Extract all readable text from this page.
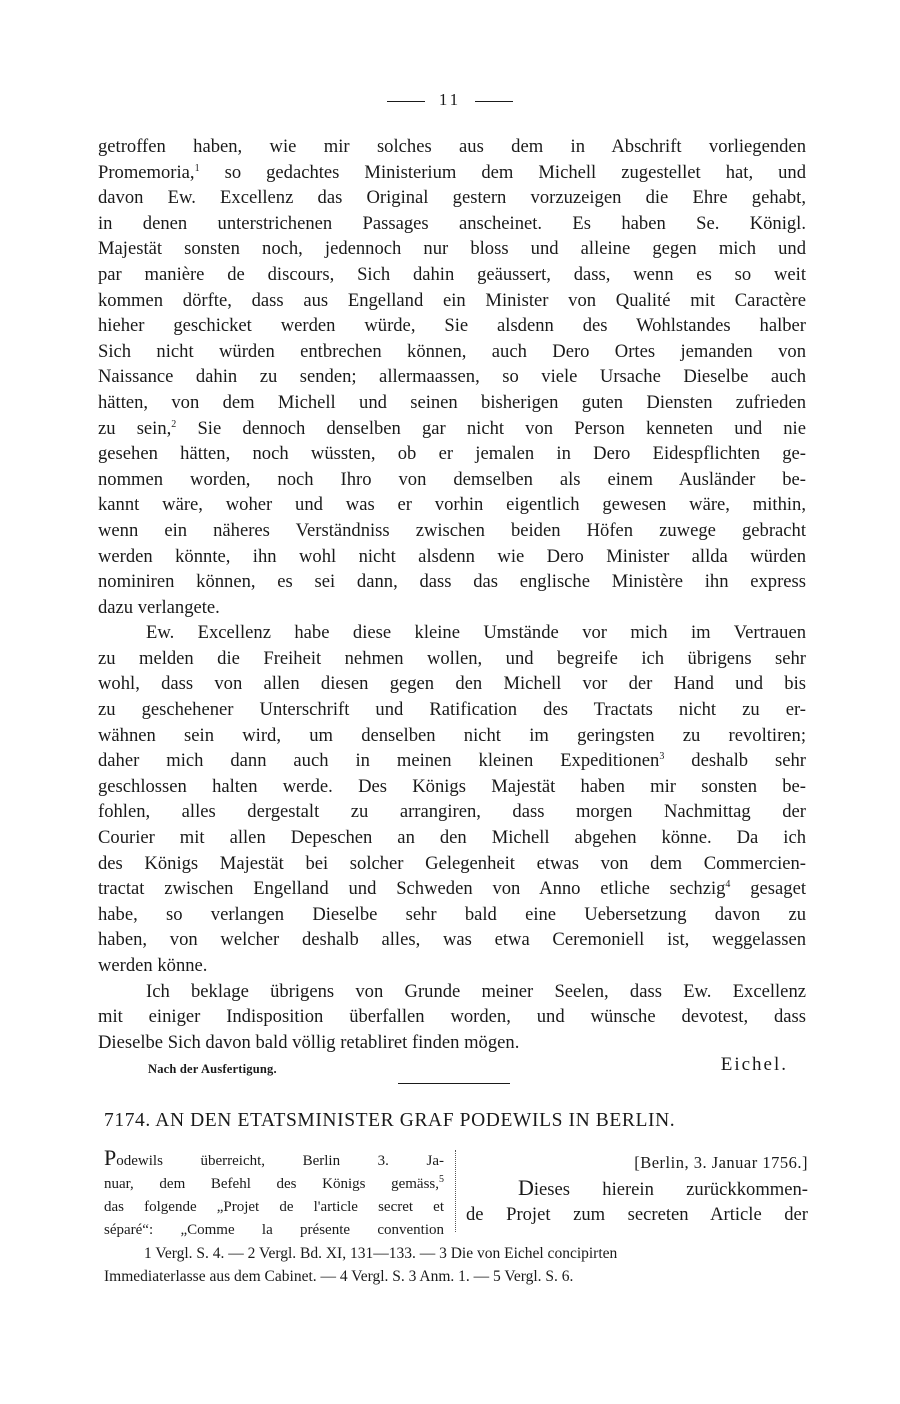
11

getroffen haben, wie mir solches aus dem in Abschrift vorliegenden
Promemoria,$^1$ so gedachtes Ministerium dem Michell zugestellet hat, und
davon Ew. Excellenz das Original gestern vorzuzeigen die Ehre gehabt,
in denen unterstrichenen Passages anscheinet. Es haben Se. Königl.
Majestät sonsten noch, jedennoch nur bloss und alleine gegen mich und
par manière de discours, Sich dahin geäussert, dass, wenn es so weit
kommen dörfte, dass aus Engelland ein Minister von Qualité mit Caractère
hieher geschicket werden würde, Sie alsdenn des Wohlstandes halber
Sich nicht würden entbrechen können, auch Dero Ortes jemanden von
Naissance dahin zu senden; allermaassen, so viele Ursache Dieselbe auch
hätten, von dem Michell und seinen bisherigen guten Diensten zufrieden
zu sein,$^2$ Sie dennoch denselben gar nicht von Person kenneten und nie
gesehen hätten, noch wüssten, ob er jemalen in Dero Eidespflichten ge-
nommen worden, noch Ihro von demselben als einem Ausländer be-
kannt wäre, woher und was er vorhin eigentlich gewesen wäre, mithin,
wenn ein näheres Verständniss zwischen beiden Höfen zuwege gebracht
werden könnte, ihn wohl nicht alsdenn wie Dero Minister allda würden
nominiren können, es sei dann, dass das englische Ministère ihn express
dazu verlangete.

Ew. Excellenz habe diese kleine Umstände vor mich im Vertrauen
zu melden die Freiheit nehmen wollen, und begreife ich übrigens sehr
wohl, dass von allen diesen gegen den Michell vor der Hand und bis
zu geschehener Unterschrift und Ratification des Tractats nicht zu er-
wähnen sein wird, um denselben nicht im geringsten zu revoltiren;
daher mich dann auch in meinen kleinen Expeditionen$^3$ deshalb sehr
geschlossen halten werde. Des Königs Majestät haben mir sonsten be-
fohlen, alles dergestalt zu arrangiren, dass morgen Nachmittag der
Courier mit allen Depeschen an den Michell abgehen könne. Da ich
des Königs Majestät bei solcher Gelegenheit etwas von dem Commercien-
tractat zwischen Engelland und Schweden von Anno etliche sechzig$^4$ gesaget
habe, so verlangen Dieselbe sehr bald eine Uebersetzung davon zu
haben, von welcher deshalb alles, was etwa Ceremoniell ist, weggelassen
werden könne.

Ich beklage übrigens von Grunde meiner Seelen, dass Ew. Excellenz
mit einiger Indisposition überfallen worden, und wünsche devotest, dass
Dieselbe Sich davon bald völlig retabliret finden mögen.

Nach der Ausfertigung.	Eichel.
7174. AN DEN ETATSMINISTER GRAF PODEWILS IN BERLIN.
Podewils überreicht, Berlin 3. Ja-
nuar, dem Befehl des Königs gemäss,$^5$
das folgende „Projet de l'article secret et
séparé“: „Comme la présente convention
[Berlin, 3. Januar 1756.]
Dieses hierein zurückkommen-
de Projet zum secreten Article der
1 Vergl. S. 4. — 2 Vergl. Bd. XI, 131—133. — 3 Die von Eichel concipirten
Immediaterlasse aus dem Cabinet. — 4 Vergl. S. 3 Anm. 1. — 5 Vergl. S. 6.
